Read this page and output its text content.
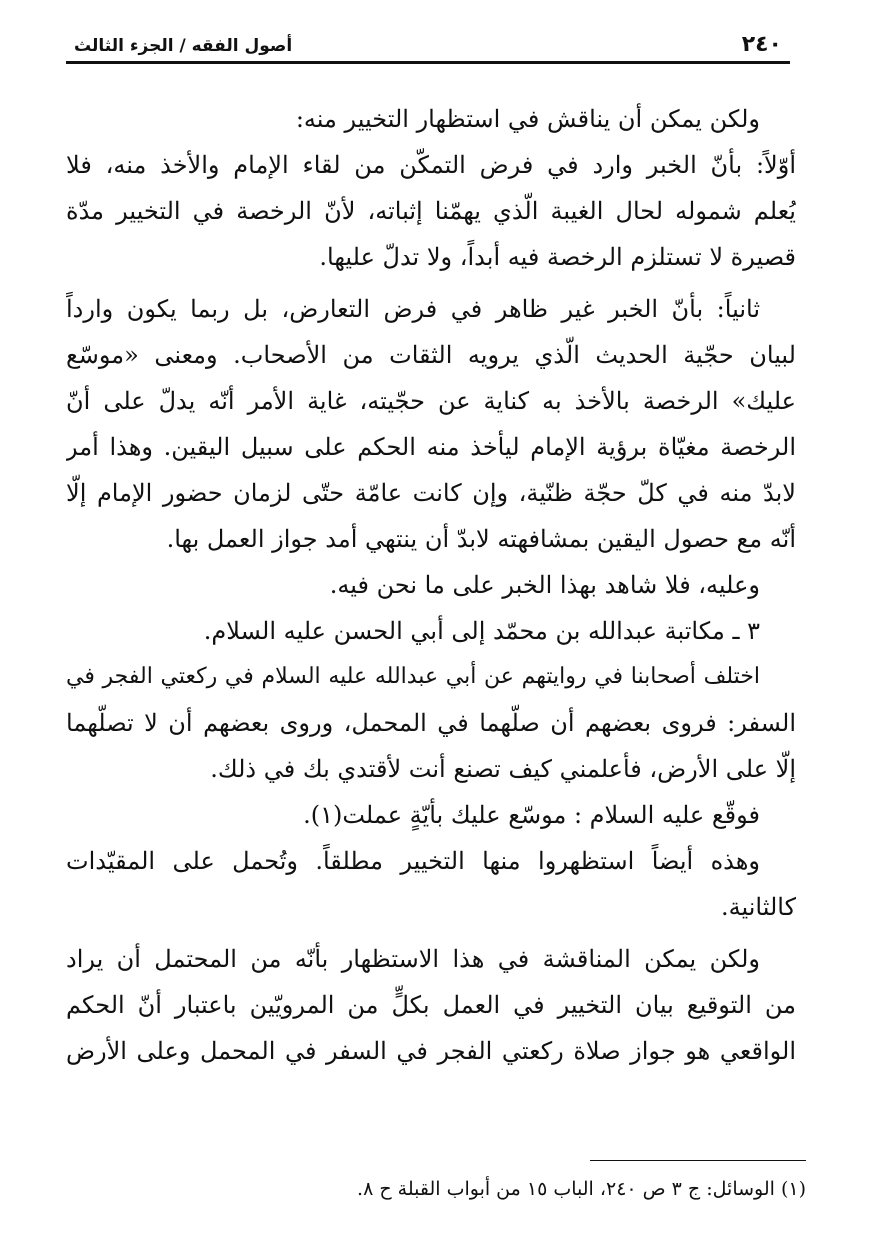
٢٤٠
أصول الفقه / الجزء الثالث
ولكن يمكن أن يناقش في استظهار التخيير منه:
أوّلاً: بأنّ الخبر وارد في فرض التمكّن من لقاء الإمام والأخذ منه، فلا
يُعلم شموله لحال الغيبة الّذي يهمّنا إثباته، لأنّ الرخصة في التخيير مدّة
قصيرة لا تستلزم الرخصة فيه أبداً، ولا تدلّ عليها.
ثانياً: بأنّ الخبر غير ظاهر في فرض التعارض، بل ربما يكون وارداً
لبيان حجّية الحديث الّذي يرويه الثقات من الأصحاب. ومعنى «موسّع
عليك» الرخصة بالأخذ به كناية عن حجّيته، غاية الأمر أنّه يدلّ على أنّ
الرخصة مغيّاة برؤية الإمام ليأخذ منه الحكم على سبيل اليقين. وهذا أمر
لابدّ منه في كلّ حجّة ظنّية، وإن كانت عامّة حتّى لزمان حضور الإمام إلّا
أنّه مع حصول اليقين بمشافهته لابدّ أن ينتهي أمد جواز العمل بها.
وعليه، فلا شاهد بهذا الخبر على ما نحن فيه.
٣ ـ مكاتبة عبدالله بن محمّد إلى أبي الحسن عليه السلام.
اختلف أصحابنا في روايتهم عن أبي عبدالله عليه السلام في ركعتي الفجر في
السفر: فروى بعضهم أن صلّهما في المحمل، وروى بعضهم أن لا تصلّهما
إلّا على الأرض، فأعلمني كيف تصنع أنت لأقتدي بك في ذلك.
فوقّع عليه السلام : موسّع عليك بأيّةٍ عملت(١).
وهذه أيضاً استظهروا منها التخيير مطلقاً. وتُحمل على المقيّدات
كالثانية.
ولكن يمكن المناقشة في هذا الاستظهار بأنّه من المحتمل أن يراد
من التوقيع بيان التخيير في العمل بكلٍّ من المرويّين باعتبار أنّ الحكم
الواقعي هو جواز صلاة ركعتي الفجر في السفر في المحمل وعلى الأرض
(١) الوسائل: ج ٣ ص ٢٤٠، الباب ١٥ من أبواب القبلة ح ٨.
